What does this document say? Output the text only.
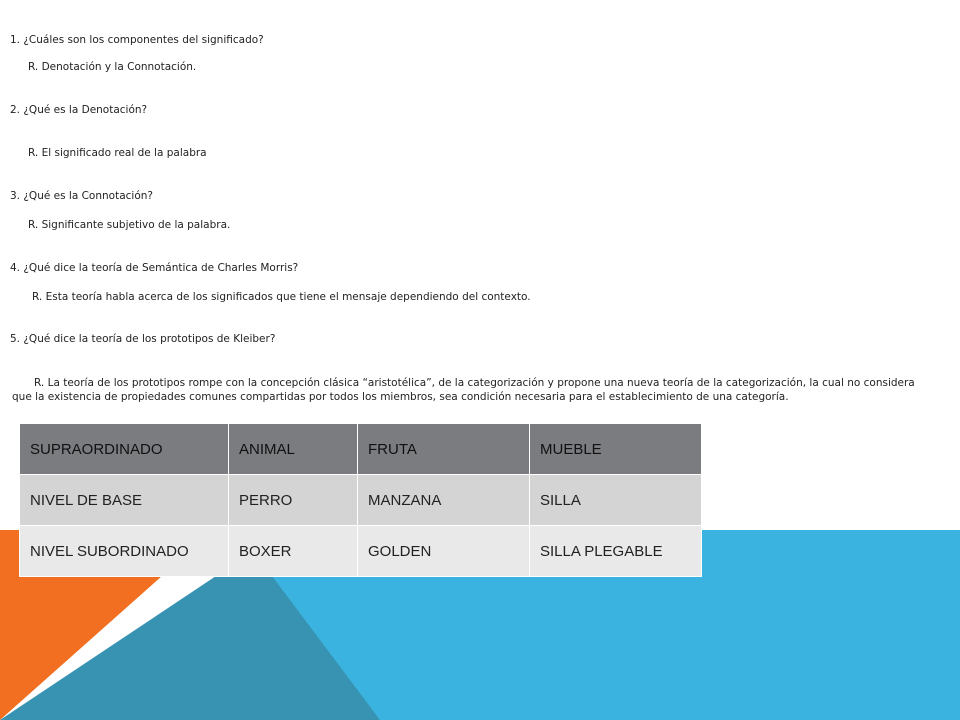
1. ¿Cuáles son los componentes del significado?

R. Denotación y la Connotación.

2. ¿Qué es la Denotación?

R. El significado real de la palabra

3. ¿Qué es la Connotación?

R. Significante subjetivo de la palabra.

4. ¿Qué dice la teoría de Semántica de Charles Morris?

R. Esta teoría habla acerca de los significados que tiene el mensaje dependiendo del contexto.

5. ¿Qué dice la teoría de los prototipos de Kleiber?

R. La teoría de los prototipos rompe con la concepción clásica “aristotélica”, de la categorización y propone una nueva teoría de la categorización, la cual no considera

que la existencia de propiedades comunes compartidas por todos los miembros, sea condición necesaria para el establecimiento de una categoría.

SUPRAORDINADO	ANIMAL	FRUTA	MUEBLE
NIVEL DE BASE	PERRO	MANZANA	SILLA
NIVEL SUBORDINADO	BOXER	GOLDEN	SILLA PLEGABLE
